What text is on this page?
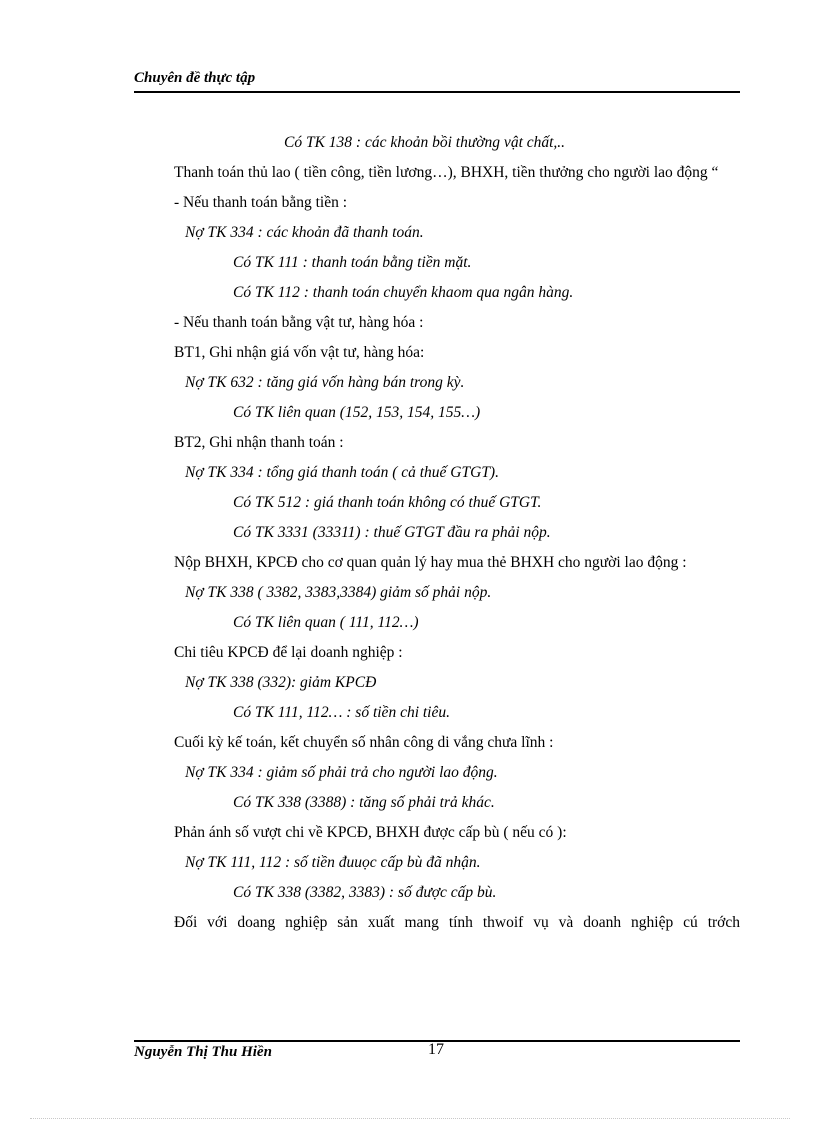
Chuyên đề thực tập
Có TK 138 : các khoản bồi thường vật chất,..
Thanh toán thủ lao ( tiền công, tiền lương…), BHXH, tiền thưởng cho người lao động “
- Nếu thanh toán bằng tiền :
Nợ TK 334 : các khoản đã thanh toán.
Có TK 111 : thanh toán bằng tiền mặt.
Có TK 112 : thanh toán chuyển khaom qua ngân hàng.
- Nếu thanh toán bằng vật tư, hàng hóa :
BT1, Ghi nhận giá vốn vật tư, hàng hóa:
Nợ TK 632 : tăng giá vốn hàng bán trong kỳ.
Có TK liên quan (152, 153, 154, 155…)
BT2, Ghi nhận thanh toán :
Nợ TK 334 : tổng giá thanh toán ( cả thuế GTGT).
Có TK 512 : giá thanh toán không có thuế GTGT.
Có TK 3331 (33311) : thuế GTGT đầu ra phải nộp.
Nộp BHXH, KPCĐ cho cơ quan quản lý hay mua thẻ BHXH cho người lao động :
Nợ TK 338 ( 3382, 3383,3384) giảm số phải nộp.
Có TK liên quan ( 111, 112…)
Chi tiêu KPCĐ để lại doanh nghiệp :
Nợ TK 338 (332): giảm KPCĐ
Có TK 111, 112… : số tiền chi tiêu.
Cuối kỳ kế toán, kết chuyển số nhân công di vắng chưa lĩnh :
Nợ TK 334 : giảm số phải trả cho người lao động.
Có TK 338 (3388) : tăng số phải trả khác.
Phản ánh số vượt chi về KPCĐ, BHXH được cấp bù ( nếu có ):
Nợ TK 111, 112 : số tiền đuuọc cấp bù đã nhận.
Có TK 338 (3382, 3383) : số được cấp bù.
Đối với doang nghiệp sản xuất mang tính thwoif vụ và doanh nghiệp cú trớch
Nguyễn Thị Thu Hiền	17
